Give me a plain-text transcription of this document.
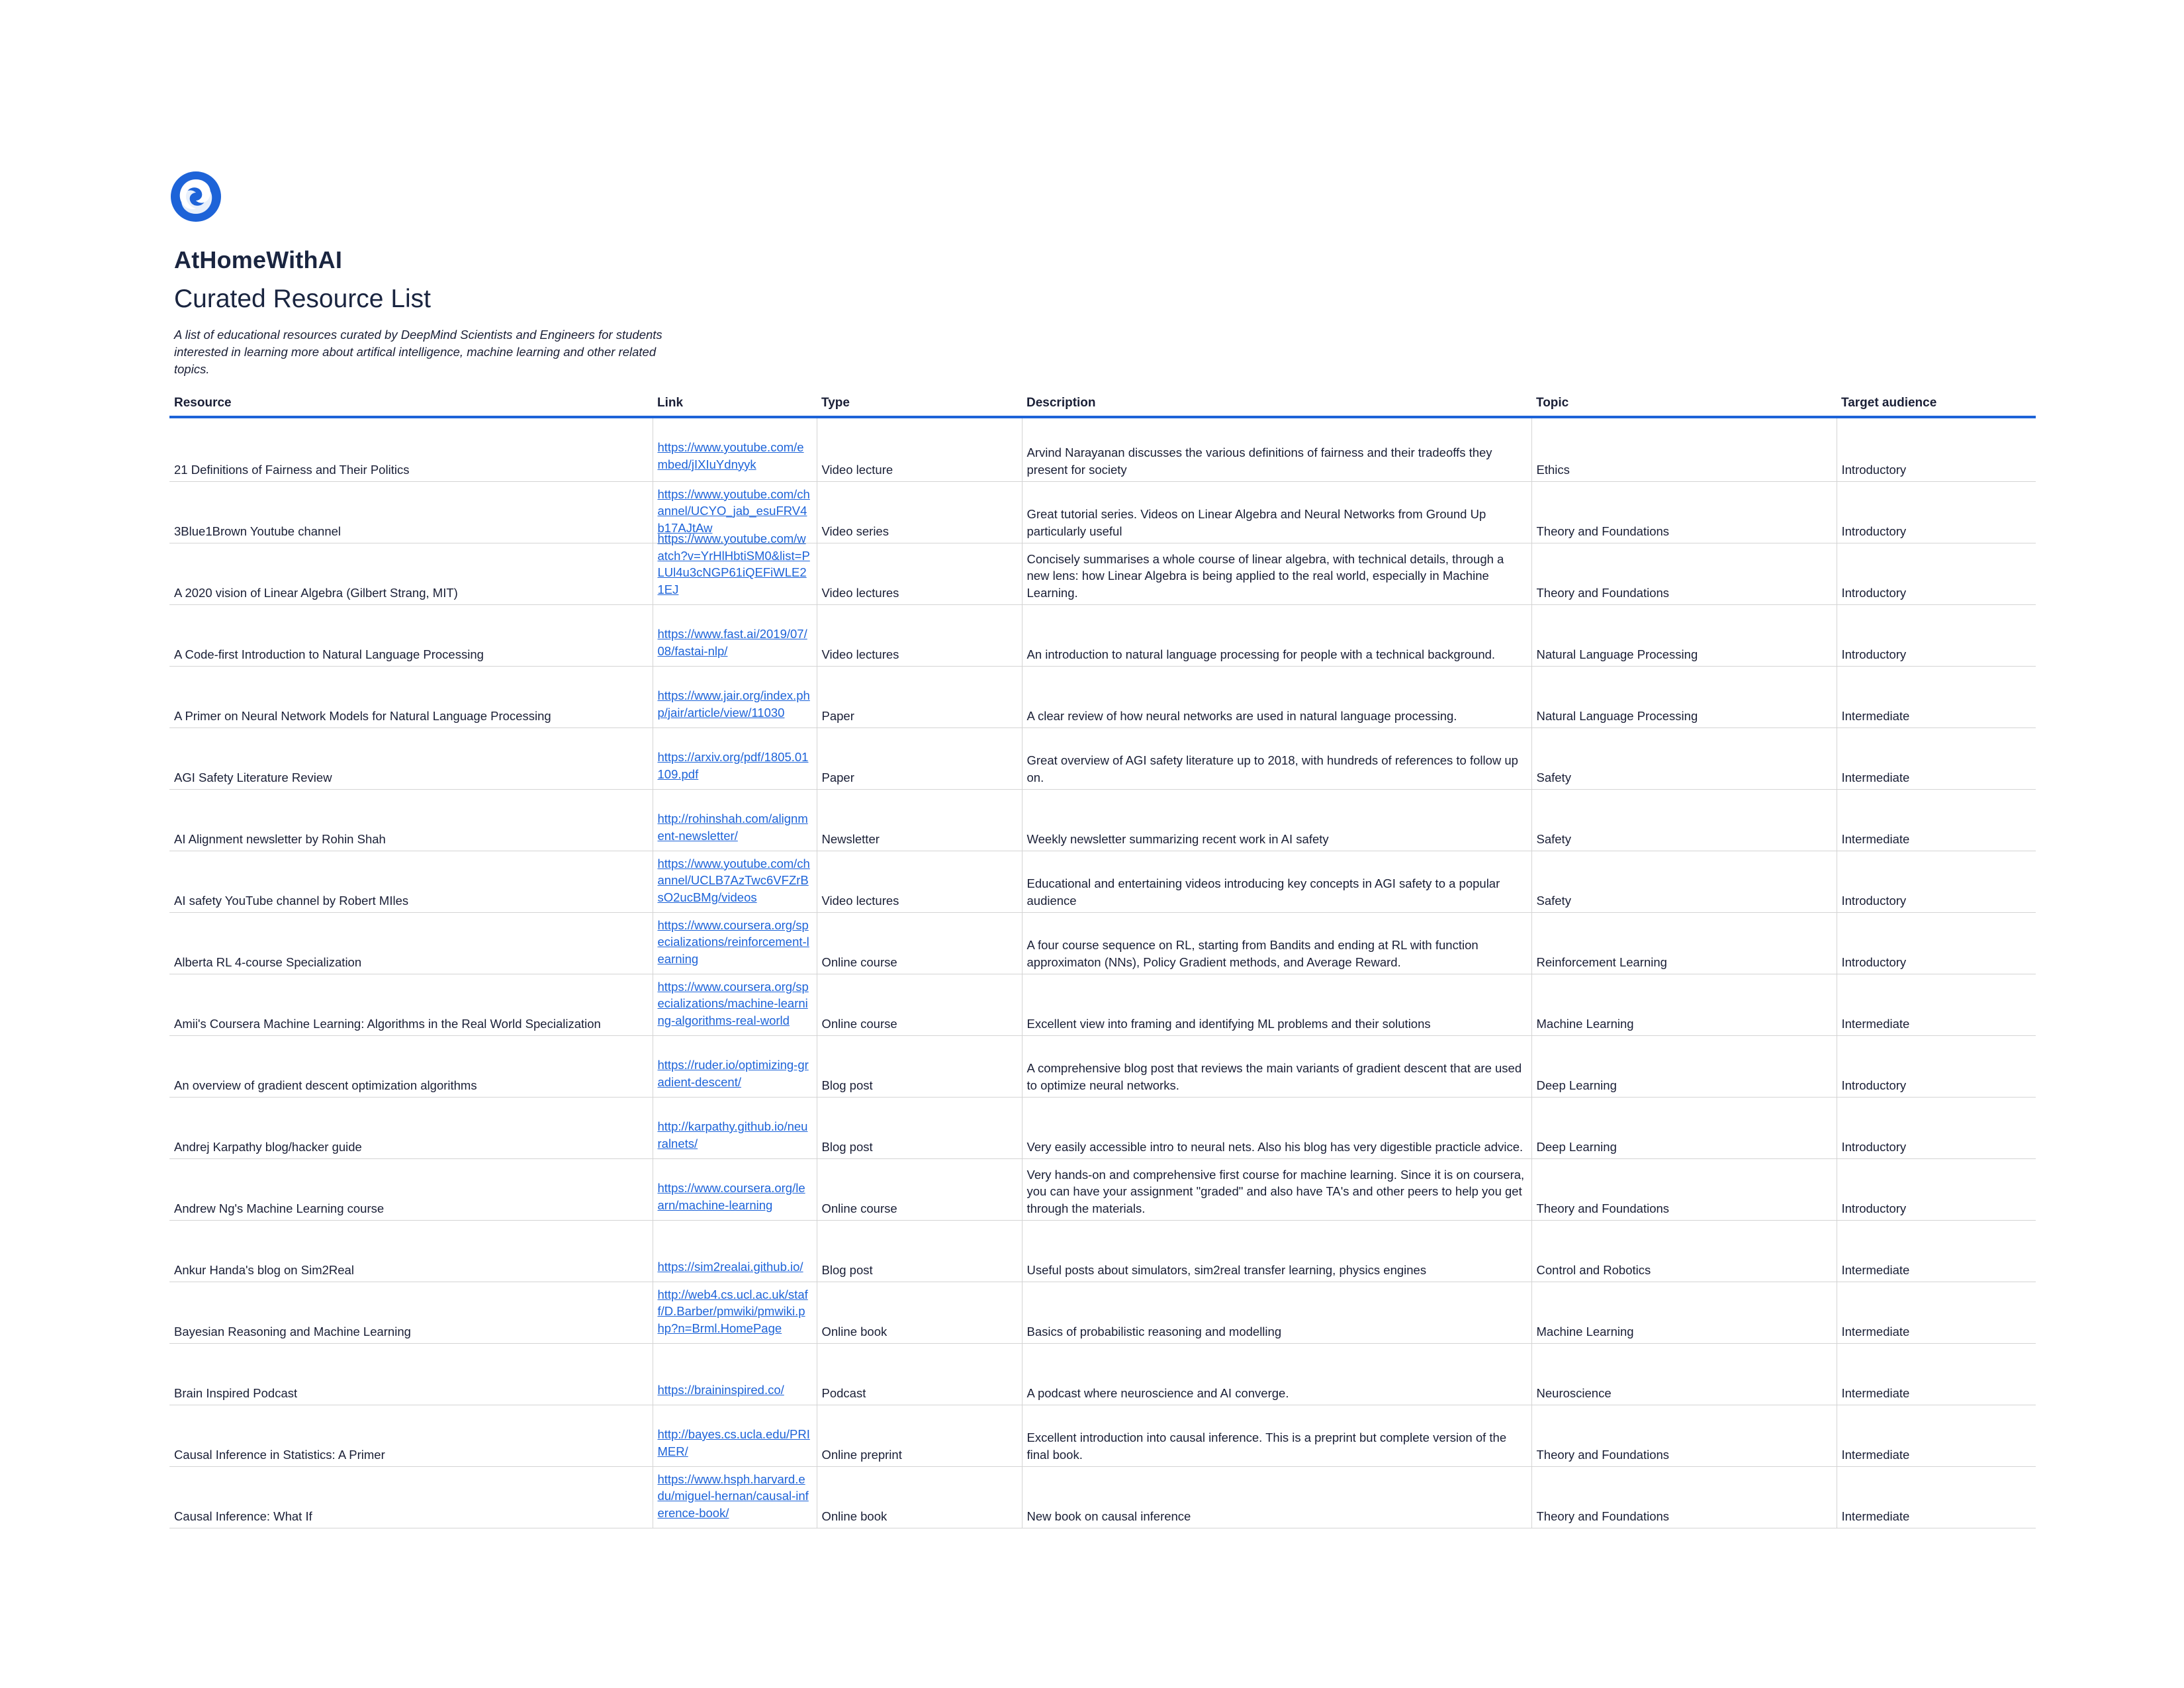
AtHomeWithAI
Curated Resource List
A list of educational resources curated by DeepMind Scientists and Engineers for students interested in learning more about artifical intelligence, machine learning and other related topics.
Resource	Link	Type	Description	Topic	Target audience

21 Definitions of Fairness and Their Politics	https://www.youtube.com/embed/jIXIuYdnyyk	Video lecture	Arvind Narayanan discusses the various definitions of fairness and their tradeoffs they present for society	Ethics	Introductory

3Blue1Brown Youtube channel	https://www.youtube.com/channel/UCYO_jab_esuFRV4b17AJtAw	Video series	Great tutorial series. Videos on Linear Algebra and Neural Networks from Ground Up particularly useful	Theory and Foundations	Introductory

A 2020 vision of Linear Algebra (Gilbert Strang, MIT)	https://www.youtube.com/watch?v=YrHlHbtiSM0&list=PLUl4u3cNGP61iQEFiWLE21EJ	Video lectures	Concisely summarises a whole course of linear algebra, with technical details, through a new lens: how Linear Algebra is being applied to the real world, especially in Machine Learning.	Theory and Foundations	Introductory

A Code-first Introduction to Natural Language Processing	https://www.fast.ai/2019/07/08/fastai-nlp/	Video lectures	An introduction to natural language processing for people with a technical background.	Natural Language Processing	Introductory

A Primer on Neural Network Models for Natural Language Processing	https://www.jair.org/index.php/jair/article/view/11030	Paper	A clear review of how neural networks are used in natural language processing.	Natural Language Processing	Intermediate

AGI Safety Literature Review	https://arxiv.org/pdf/1805.01109.pdf	Paper	Great overview of AGI safety literature up to 2018, with hundreds of references to follow up on.	Safety	Intermediate

AI Alignment newsletter by Rohin Shah	http://rohinshah.com/alignment-newsletter/	Newsletter	Weekly newsletter summarizing recent work in AI safety	Safety	Intermediate

AI safety YouTube channel by Robert MIles	https://www.youtube.com/channel/UCLB7AzTwc6VFZrBsO2ucBMg/videos	Video lectures	Educational and entertaining videos introducing key concepts in AGI safety to a popular audience	Safety	Introductory

Alberta RL 4-course Specialization	https://www.coursera.org/specializations/reinforcement-learning	Online course	A four course sequence on RL, starting from Bandits and ending at RL with function approximaton (NNs), Policy Gradient methods, and Average Reward.	Reinforcement Learning	Introductory

Amii's Coursera Machine Learning: Algorithms in the Real World Specialization	https://www.coursera.org/specializations/machine-learning-algorithms-real-world	Online course	Excellent view into framing and identifying ML problems and their solutions	Machine Learning	Intermediate

An overview of gradient descent optimization algorithms	https://ruder.io/optimizing-gradient-descent/	Blog post	A comprehensive blog post that reviews the main variants of gradient descent that are used to optimize neural networks.	Deep Learning	Introductory

Andrej Karpathy blog/hacker guide	http://karpathy.github.io/neuralnets/	Blog post	Very easily accessible intro to neural nets. Also his blog has very digestible practicle advice.	Deep Learning	Introductory

Andrew Ng's Machine Learning course	https://www.coursera.org/learn/machine-learning	Online course	Very hands-on and comprehensive first course for machine learning. Since it is on coursera, you can have your assignment "graded" and also have TA's and other peers to help you get through the materials.	Theory and Foundations	Introductory

Ankur Handa's blog on Sim2Real	https://sim2realai.github.io/	Blog post	Useful posts about simulators, sim2real transfer learning, physics engines	Control and Robotics	Intermediate

Bayesian Reasoning and Machine Learning	http://web4.cs.ucl.ac.uk/staff/D.Barber/pmwiki/pmwiki.php?n=Brml.HomePage	Online book	Basics of probabilistic reasoning and modelling	Machine Learning	Intermediate

Brain Inspired Podcast	https://braininspired.co/	Podcast	A podcast where neuroscience and AI converge.	Neuroscience	Intermediate

Causal Inference in Statistics: A Primer	http://bayes.cs.ucla.edu/PRIMER/	Online preprint	Excellent introduction into causal inference. This is a preprint but complete version of the final book.	Theory and Foundations	Intermediate

Causal Inference: What If	https://www.hsph.harvard.edu/miguel-hernan/causal-inference-book/	Online book	New book on causal inference	Theory and Foundations	Intermediate
